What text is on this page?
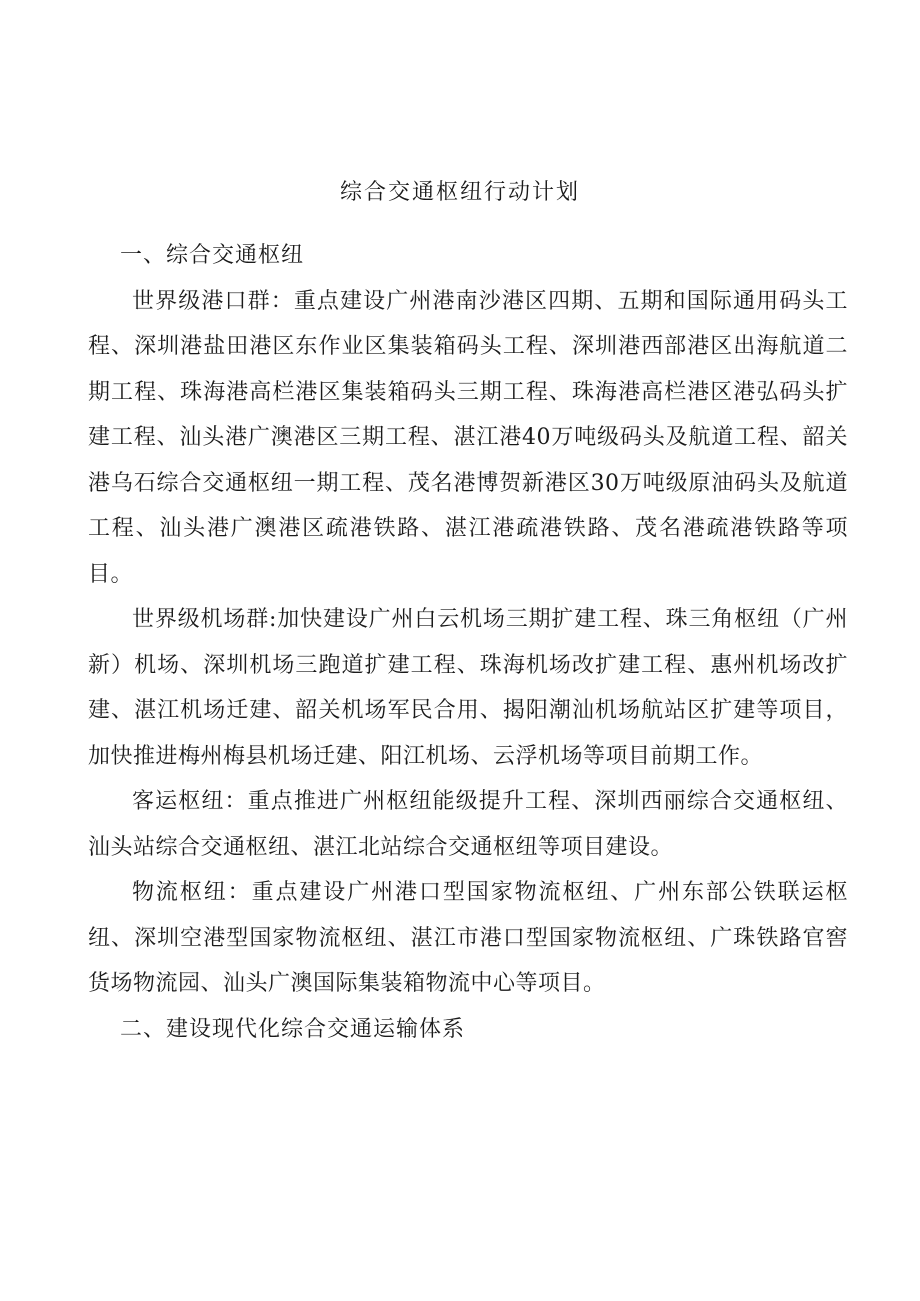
综合交通枢纽行动计划

一、综合交通枢纽

世界级港口群：重点建设广州港南沙港区四期、五期和国际通用码头工程、深圳港盐田港区东作业区集装箱码头工程、深圳港西部港区出海航道二期工程、珠海港高栏港区集装箱码头三期工程、珠海港高栏港区港弘码头扩建工程、汕头港广澳港区三期工程、湛江港40万吨级码头及航道工程、韶关港乌石综合交通枢纽一期工程、茂名港博贺新港区30万吨级原油码头及航道工程、汕头港广澳港区疏港铁路、湛江港疏港铁路、茂名港疏港铁路等项目。

世界级机场群:加快建设广州白云机场三期扩建工程、珠三角枢纽（广州新）机场、深圳机场三跑道扩建工程、珠海机场改扩建工程、惠州机场改扩建、湛江机场迁建、韶关机场军民合用、揭阳潮汕机场航站区扩建等项目，加快推进梅州梅县机场迁建、阳江机场、云浮机场等项目前期工作。

客运枢纽：重点推进广州枢纽能级提升工程、深圳西丽综合交通枢纽、汕头站综合交通枢纽、湛江北站综合交通枢纽等项目建设。

物流枢纽：重点建设广州港口型国家物流枢纽、广州东部公铁联运枢纽、深圳空港型国家物流枢纽、湛江市港口型国家物流枢纽、广珠铁路官窖货场物流园、汕头广澳国际集装箱物流中心等项目。

二、建设现代化综合交通运输体系
